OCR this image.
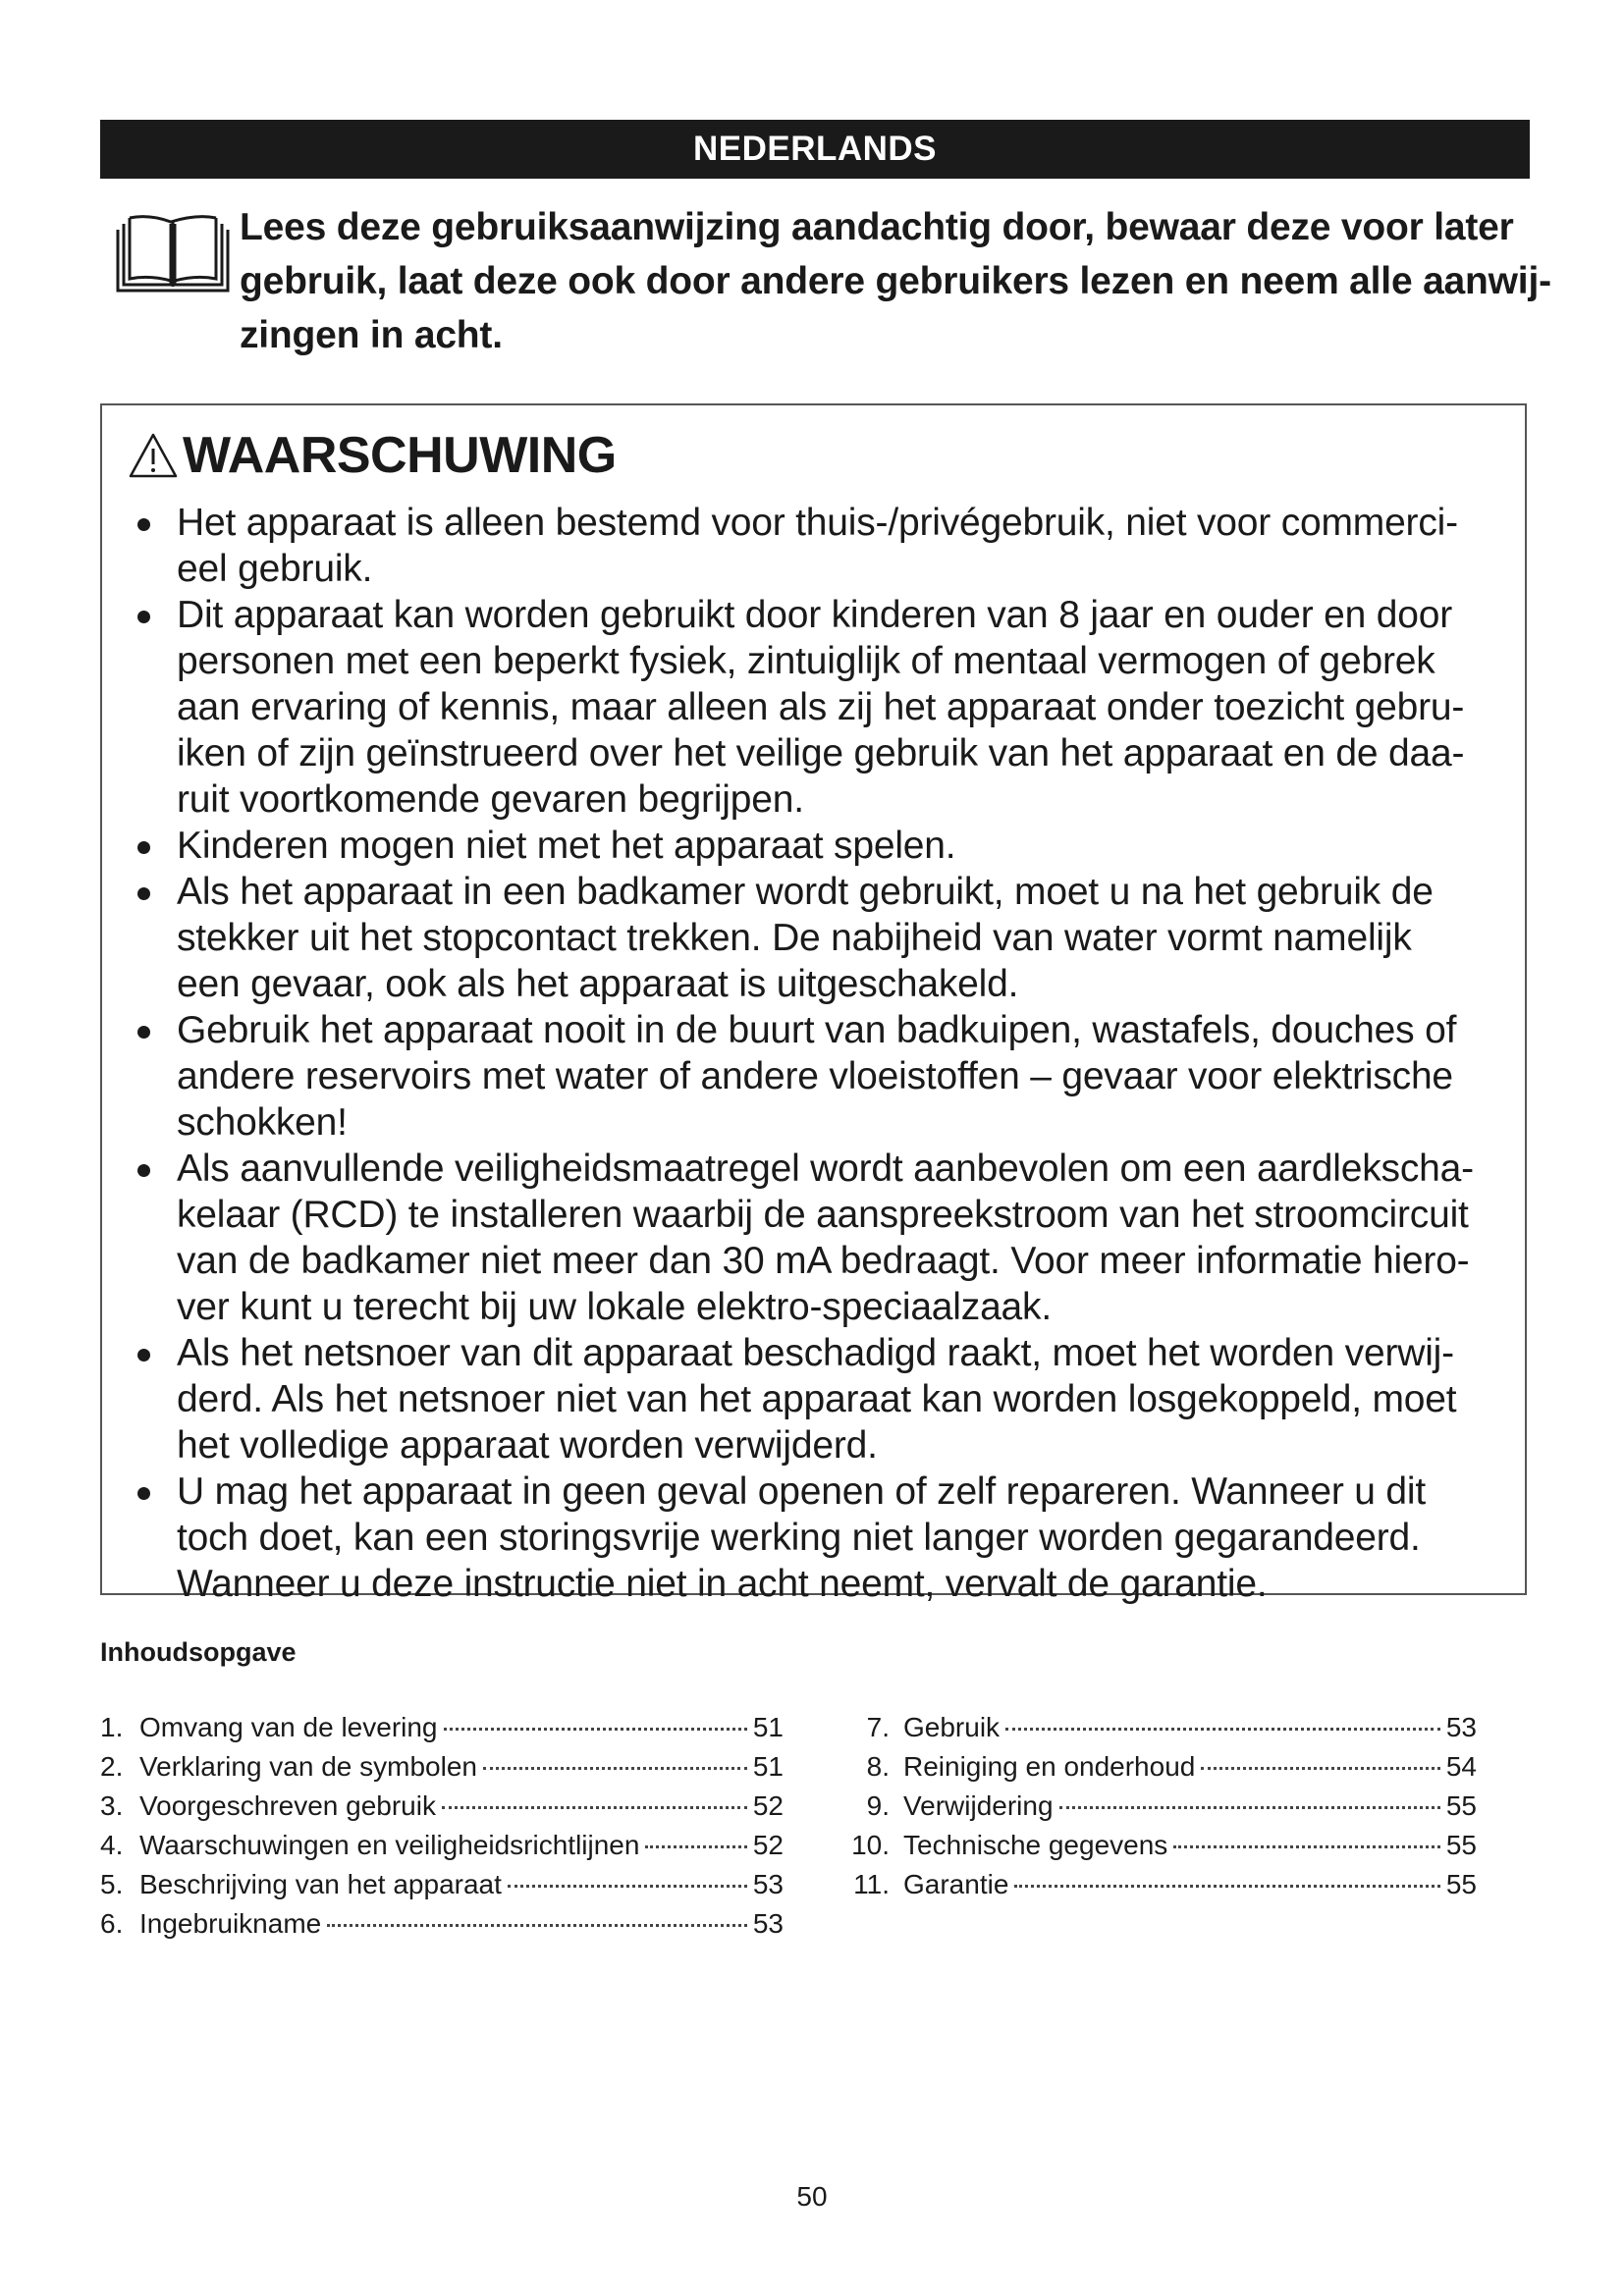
NEDERLANDS
Lees deze gebruiksaanwijzing aandachtig door, bewaar deze voor later
gebruik, laat deze ook door andere gebruikers lezen en neem alle aanwij-
zingen in acht.
WAARSCHUWING
Het apparaat is alleen bestemd voor thuis-/privégebruik, niet voor commerci-
eel gebruik.
Dit apparaat kan worden gebruikt door kinderen van 8 jaar en ouder en door
personen met een beperkt fysiek, zintuiglijk of mentaal vermogen of gebrek
aan ervaring of kennis, maar alleen als zij het apparaat onder toezicht gebru-
iken of zijn geïnstrueerd over het veilige gebruik van het apparaat en de daa-
ruit voortkomende gevaren begrijpen.
Kinderen mogen niet met het apparaat spelen.
Als het apparaat in een badkamer wordt gebruikt, moet u na het gebruik de
stekker uit het stopcontact trekken. De nabijheid van water vormt namelijk
een gevaar, ook als het apparaat is uitgeschakeld.
Gebruik het apparaat nooit in de buurt van badkuipen, wastafels, douches of
andere reservoirs met water of andere vloeistoffen – gevaar voor elektrische
schokken!
Als aanvullende veiligheidsmaatregel wordt aanbevolen om een aardlekscha-
kelaar (RCD) te installeren waarbij de aanspreekstroom van het stroomcircuit
van de badkamer niet meer dan 30 mA bedraagt. Voor meer informatie hiero-
ver kunt u terecht bij uw lokale elektro-speciaalzaak.
Als het netsnoer van dit apparaat beschadigd raakt, moet het worden verwij-
derd. Als het netsnoer niet van het apparaat kan worden losgekoppeld, moet
het volledige apparaat worden verwijderd.
U mag het apparaat in geen geval openen of zelf repareren. Wanneer u dit
toch doet, kan een storingsvrije werking niet langer worden gegarandeerd.
Wanneer u deze instructie niet in acht neemt, vervalt de garantie.
Inhoudsopgave
1. Omvang van de levering	51
2. Verklaring van de symbolen	51
3. Voorgeschreven gebruik	52
4. Waarschuwingen en veiligheidsrichtlijnen	52
5. Beschrijving van het apparaat	53
6. Ingebruikname	53
7. Gebruik	53
8. Reiniging en onderhoud	54
9. Verwijdering	55
10. Technische gegevens	55
11. Garantie	55
50
